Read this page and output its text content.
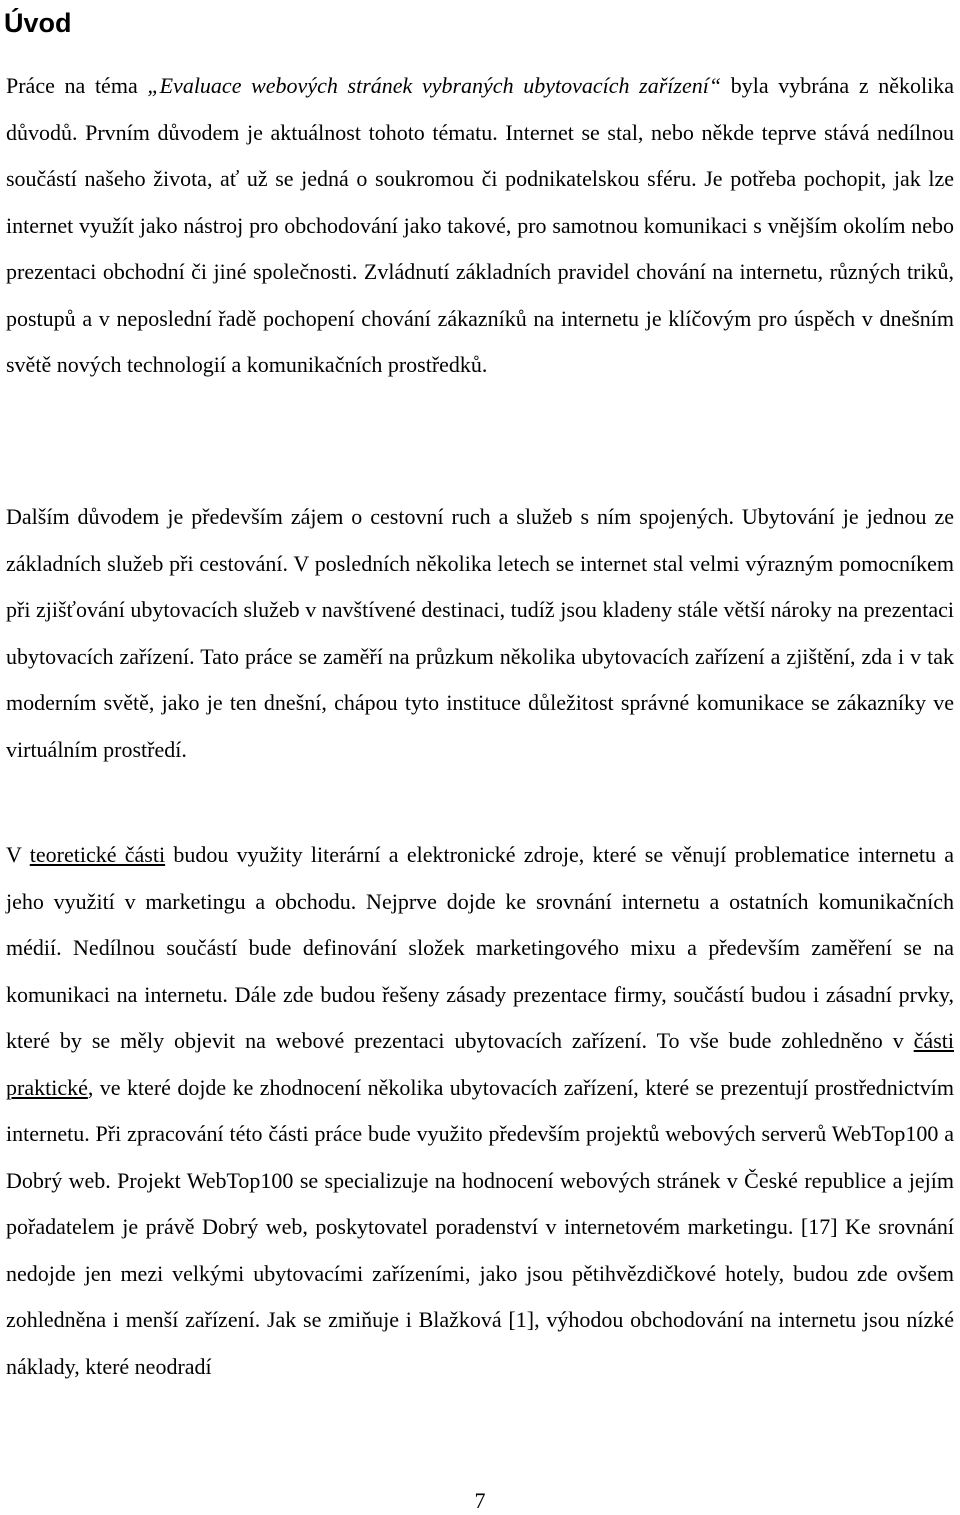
Úvod

Práce na téma „Evaluace webových stránek vybraných ubytovacích zařízení“ byla vybrána z několika důvodů. Prvním důvodem je aktuálnost tohoto tématu. Internet se stal, nebo někde teprve stává nedílnou součástí našeho života, ať už se jedná o soukromou či podnikatelskou sféru. Je potřeba pochopit, jak lze internet využít jako nástroj pro obchodování jako takové, pro samotnou komunikaci s vnějším okolím nebo prezentaci obchodní či jiné společnosti. Zvládnutí základních pravidel chování na internetu, různých triků, postupů a v neposlední řadě pochopení chování zákazníků na internetu je klíčovým pro úspěch v dnešním světě nových technologií a komunikačních prostředků.

Dalším důvodem je především zájem o cestovní ruch a služeb s ním spojených. Ubytování je jednou ze základních služeb při cestování. V posledních několika letech se internet stal velmi výrazným pomocníkem při zjišťování ubytovacích služeb v navštívené destinaci, tudíž jsou kladeny stále větší nároky na prezentaci ubytovacích zařízení. Tato práce se zaměří na průzkum několika ubytovacích zařízení a zjištění, zda i v tak moderním světě, jako je ten dnešní, chápou tyto instituce důležitost správné komunikace se zákazníky ve virtuálním prostředí.

V teoretické části budou využity literární a elektronické zdroje, které se věnují problematice internetu a jeho využití v marketingu a obchodu. Nejprve dojde ke srovnání internetu a ostatních komunikačních médií. Nedílnou součástí bude definování složek marketingového mixu a především zaměření se na komunikaci na internetu. Dále zde budou řešeny zásady prezentace firmy, součástí budou i zásadní prvky, které by se měly objevit na webové prezentaci ubytovacích zařízení. To vše bude zohledněno v části praktické, ve které dojde ke zhodnocení několika ubytovacích zařízení, které se prezentují prostřednictvím internetu. Při zpracování této části práce bude využito především projektů webových serverů WebTop100 a Dobrý web. Projekt WebTop100 se specializuje na hodnocení webových stránek v České republice a jejím pořadatelem je právě Dobrý web, poskytovatel poradenství v internetovém marketingu. [17] Ke srovnání nedojde jen mezi velkými ubytovacími zařízeními, jako jsou pětihvězdičkové hotely, budou zde ovšem zohledněna i menší zařízení. Jak se zmiňuje i Blažková [1], výhodou obchodování na internetu jsou nízké náklady, které neodradí

7
